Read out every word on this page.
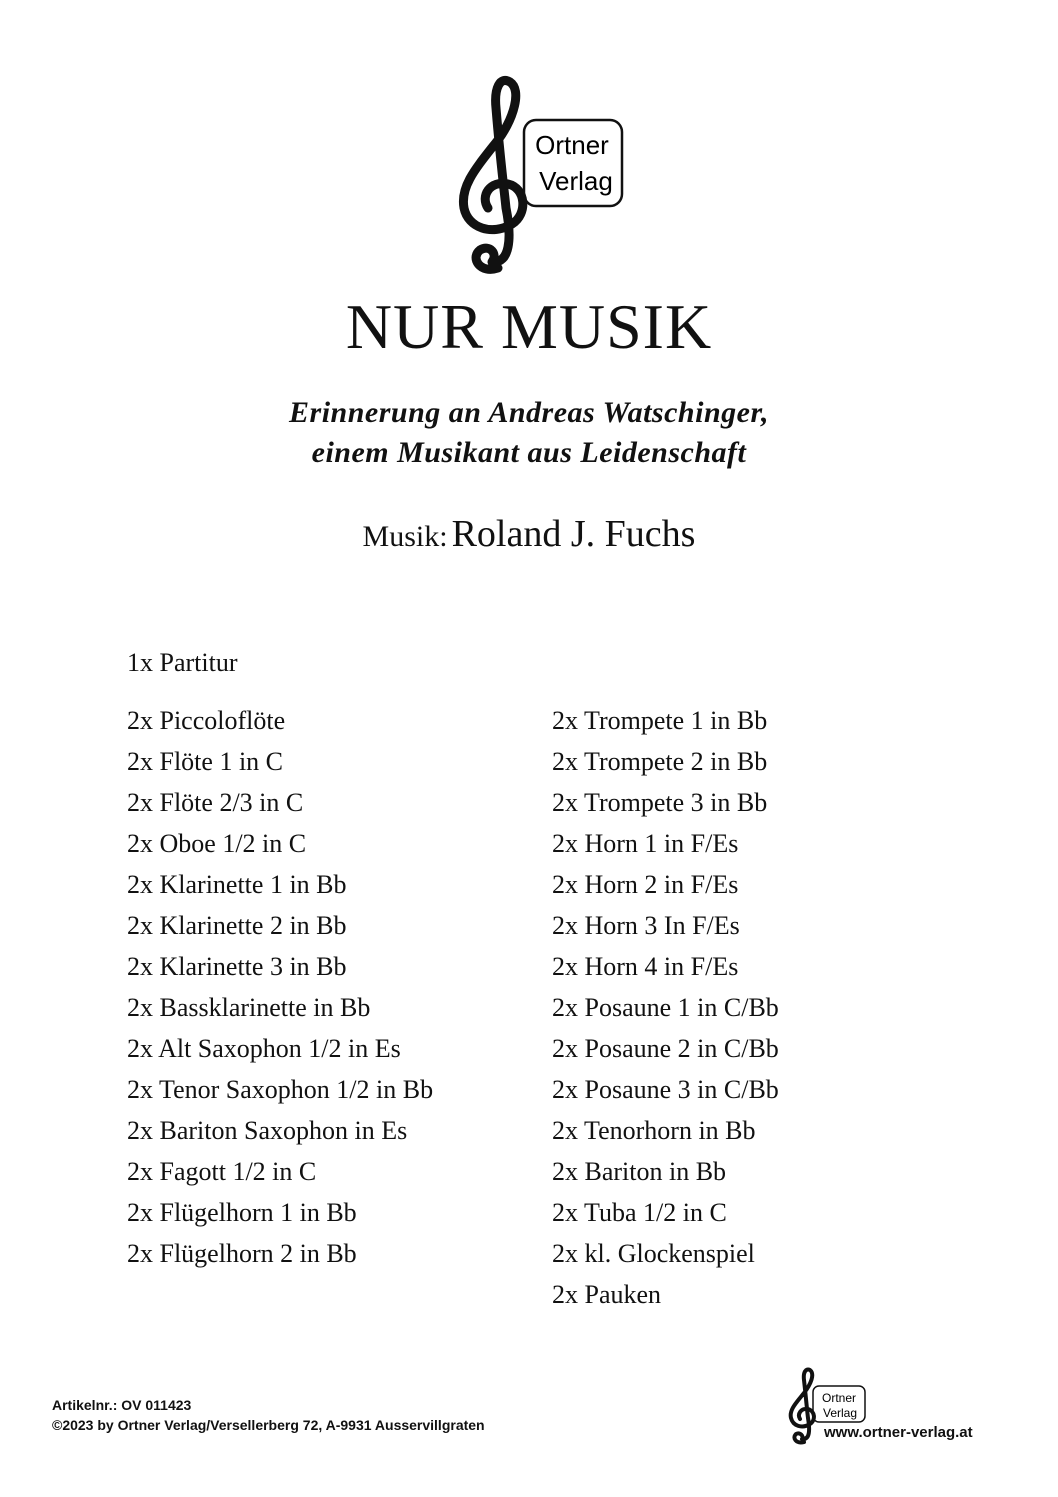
Ortner
Verlag
NUR MUSIK
Erinnerung an Andreas Watschinger,
einem Musikant aus Leidenschaft
Musik: Roland J. Fuchs
1x Partitur
2x Piccoloflöte
2x Flöte 1 in C
2x Flöte 2/3 in C
2x Oboe 1/2 in C
2x Klarinette 1 in Bb
2x Klarinette 2 in Bb
2x Klarinette 3 in Bb
2x Bassklarinette in Bb
2x Alt Saxophon 1/2 in Es
2x Tenor Saxophon 1/2 in Bb
2x Bariton Saxophon in Es
2x Fagott 1/2 in C
2x Flügelhorn 1 in Bb
2x Flügelhorn 2 in Bb
2x Trompete 1 in Bb
2x Trompete 2 in Bb
2x Trompete 3 in Bb
2x Horn 1 in F/Es
2x Horn 2 in F/Es
2x Horn 3 In F/Es
2x Horn 4 in F/Es
2x Posaune 1 in C/Bb
2x Posaune 2 in C/Bb
2x Posaune 3 in C/Bb
2x Tenorhorn in Bb
2x Bariton in Bb
2x Tuba 1/2 in C
2x kl. Glockenspiel
2x Pauken
Artikelnr.: OV 011423
©2023 by Ortner Verlag/Versellerberg 72, A-9931 Ausservillgraten
Ortner
Verlag
www.ortner-verlag.at
